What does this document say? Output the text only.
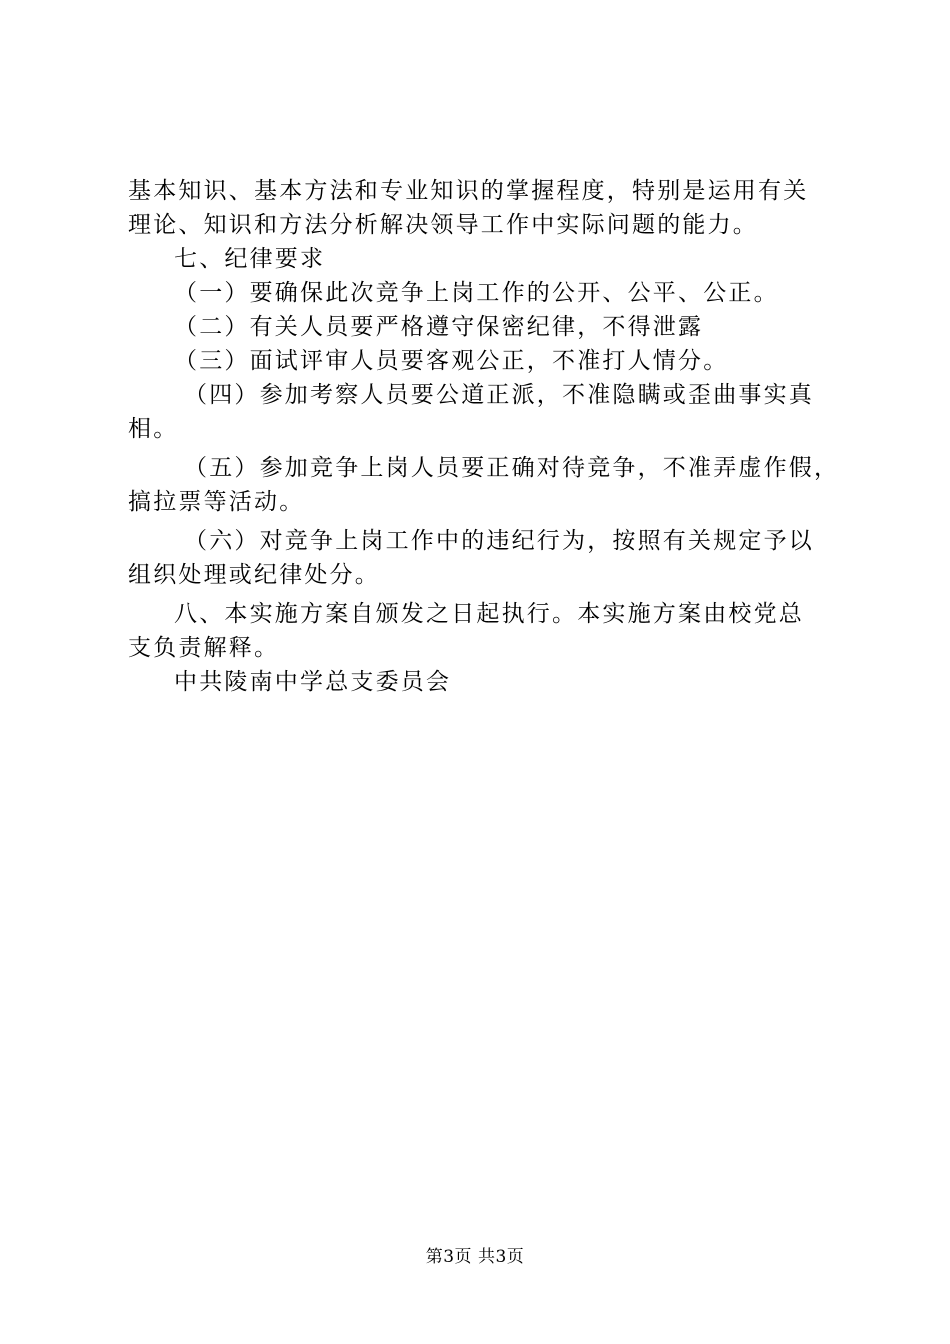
基本知识、基本方法和专业知识的掌握程度，特别是运用有关
理论、知识和方法分析解决领导工作中实际问题的能力。
七、纪律要求
（一）要确保此次竞争上岗工作的公开、公平、公正。
（二）有关人员要严格遵守保密纪律，不得泄露
（三）面试评审人员要客观公正，不准打人情分。
（四）参加考察人员要公道正派，不准隐瞒或歪曲事实真
相。
（五）参加竞争上岗人员要正确对待竞争，不准弄虚作假，
搞拉票等活动。
（六）对竞争上岗工作中的违纪行为，按照有关规定予以
组织处理或纪律处分。
八、本实施方案自颁发之日起执行。本实施方案由校党总
支负责解释。
中共陵南中学总支委员会
第3页 共3页
